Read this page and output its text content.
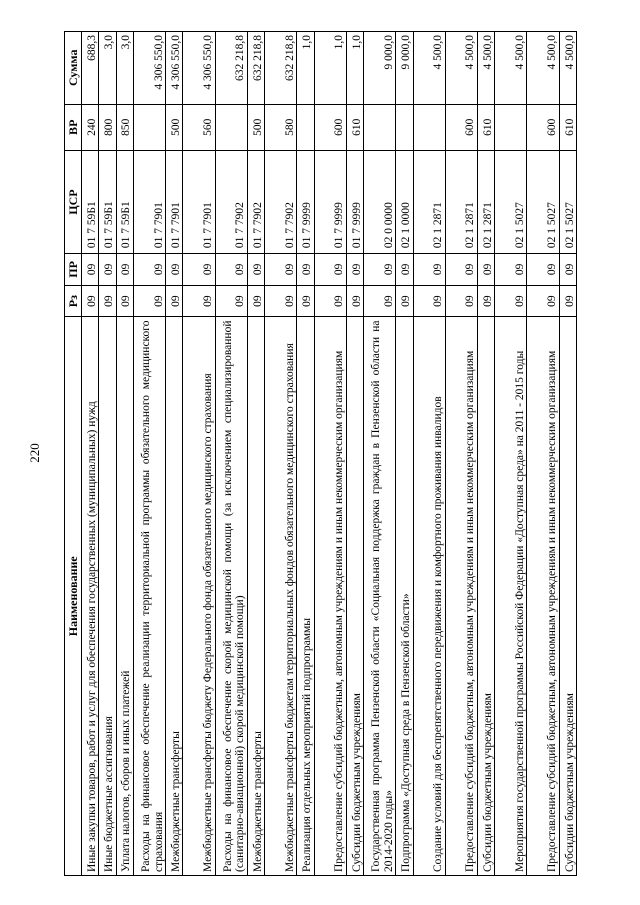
220
Наименование	Рз	ПР	ЦСР	ВР	Сумма
Иные закупки товаров, работ и услуг для обеспечения государственных (муниципальных) нужд	09	09	01 7 59Б1	240	688,3
Иные бюджетные ассигнования	09	09	01 7 59Б1	800	3,0
Уплата налогов, сборов и иных платежей	09	09	01 7 59Б1	850	3,0
Расходы на финансовое обеспечение реализации территориальной программы обязательного медицинского страхования	09	09	01 7 7901		4 306 550,0
Межбюджетные трансферты	09	09	01 7 7901	500	4 306 550,0
Межбюджетные трансферты бюджету Федерального фонда обязательного медицинского страхования	09	09	01 7 7901	560	4 306 550,0
Расходы на финансовое обеспечение скорой медицинской помощи (за исключением специализированной (санитарно-авиационной) скорой медицинской помощи)	09	09	01 7 7902		632 218,8
Межбюджетные трансферты	09	09	01 7 7902	500	632 218,8
Межбюджетные трансферты бюджетам территориальных фондов обязательного медицинского страхования	09	09	01 7 7902	580	632 218,8
Реализация отдельных мероприятий подпрограммы	09	09	01 7 9999		1,0
Предоставление субсидий бюджетным, автономным учреждениям и иным некоммерческим организациям	09	09	01 7 9999	600	1,0
Субсидии бюджетным учреждениям	09	09	01 7 9999	610	1,0
Государственная программа Пензенской области «Социальная поддержка граждан в Пензенской области на 2014-2020 годы»	09	09	02 0 0000		9 000,0
Подпрограмма «Доступная среда в Пензенской области»	09	09	02 1 0000		9 000,0
Создание условий для беспрепятственного передвижения и комфортного проживания инвалидов	09	09	02 1 2871		4 500,0
Предоставление субсидий бюджетным, автономным учреждениям и иным некоммерческим организациям	09	09	02 1 2871	600	4 500,0
Субсидии бюджетным учреждениям	09	09	02 1 2871	610	4 500,0
Мероприятия государственной программы Российской Федерации «Доступная среда» на 2011 - 2015 годы	09	09	02 1 5027		4 500,0
Предоставление субсидий бюджетным, автономным учреждениям и иным некоммерческим организациям	09	09	02 1 5027	600	4 500,0
Субсидии бюджетным учреждениям	09	09	02 1 5027	610	4 500,0
